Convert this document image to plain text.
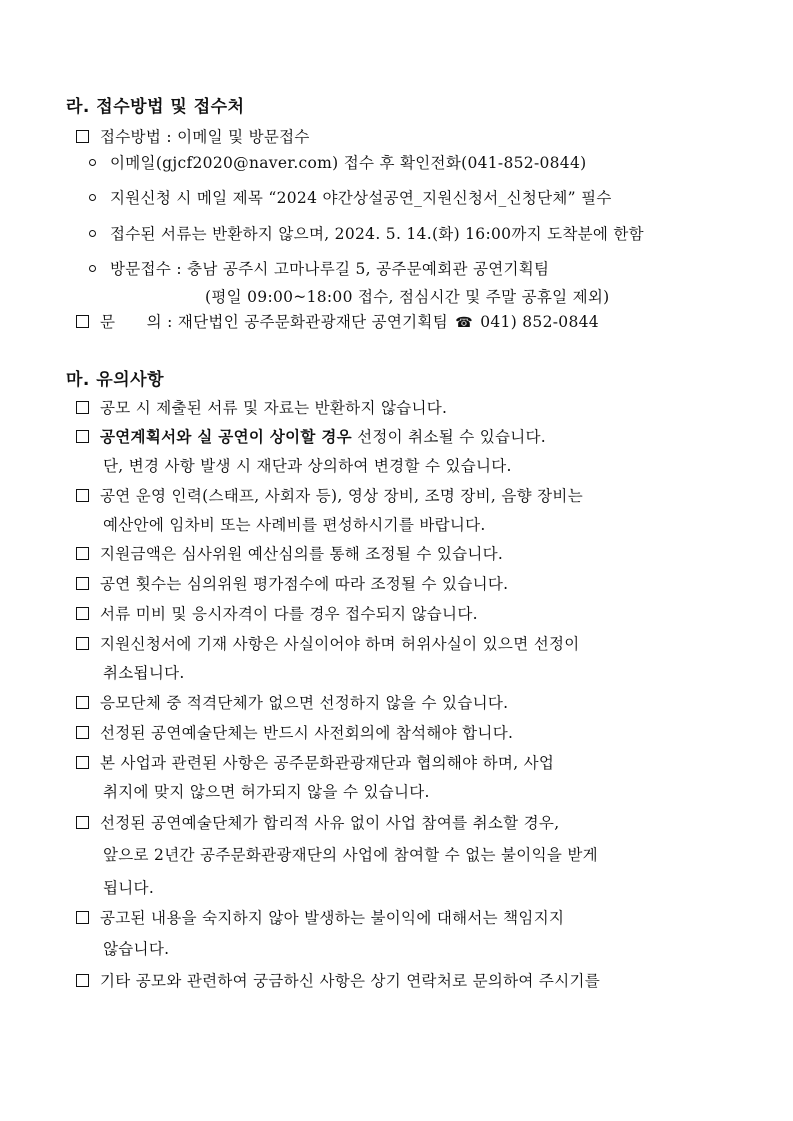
라. 접수방법 및 접수처
접수방법 : 이메일 및 방문접수
이메일(gjcf2020@naver.com) 접수 후 확인전화(041-852-0844)
지원신청 시 메일 제목 “2024 야간상설공연_지원신청서_신청단체” 필수
접수된 서류는 반환하지 않으며, 2024. 5. 14.(화) 16:00까지 도착분에 한함
방문접수 : 충남 공주시 고마나루길 5, 공주문예회관 공연기획팀
(평일 09:00~18:00 접수, 점심시간 및 주말 공휴일 제외)
문      의 : 재단법인 공주문화관광재단 공연기획팀 ☎ 041) 852-0844
마. 유의사항
공모 시 제출된 서류 및 자료는 반환하지 않습니다.
공연계획서와 실 공연이 상이할 경우 선정이 취소될 수 있습니다.
단, 변경 사항 발생 시 재단과 상의하여 변경할 수 있습니다.
공연 운영 인력(스태프, 사회자 등), 영상 장비, 조명 장비, 음향 장비는
예산안에 임차비 또는 사례비를 편성하시기를 바랍니다.
지원금액은 심사위원 예산심의를 통해 조정될 수 있습니다.
공연 횟수는 심의위원 평가점수에 따라 조정될 수 있습니다.
서류 미비 및 응시자격이 다를 경우 접수되지 않습니다.
지원신청서에 기재 사항은 사실이어야 하며 허위사실이 있으면 선정이
취소됩니다.
응모단체 중 적격단체가 없으면 선정하지 않을 수 있습니다.
선정된 공연예술단체는 반드시 사전회의에 참석해야 합니다.
본 사업과 관련된 사항은 공주문화관광재단과 협의해야 하며, 사업
취지에 맞지 않으면 허가되지 않을 수 있습니다.
선정된 공연예술단체가 합리적 사유 없이 사업 참여를 취소할 경우,
앞으로 2년간 공주문화관광재단의 사업에 참여할 수 없는 불이익을 받게
됩니다.
공고된 내용을 숙지하지 않아 발생하는 불이익에 대해서는 책임지지
않습니다.
기타 공모와 관련하여 궁금하신 사항은 상기 연락처로 문의하여 주시기를
